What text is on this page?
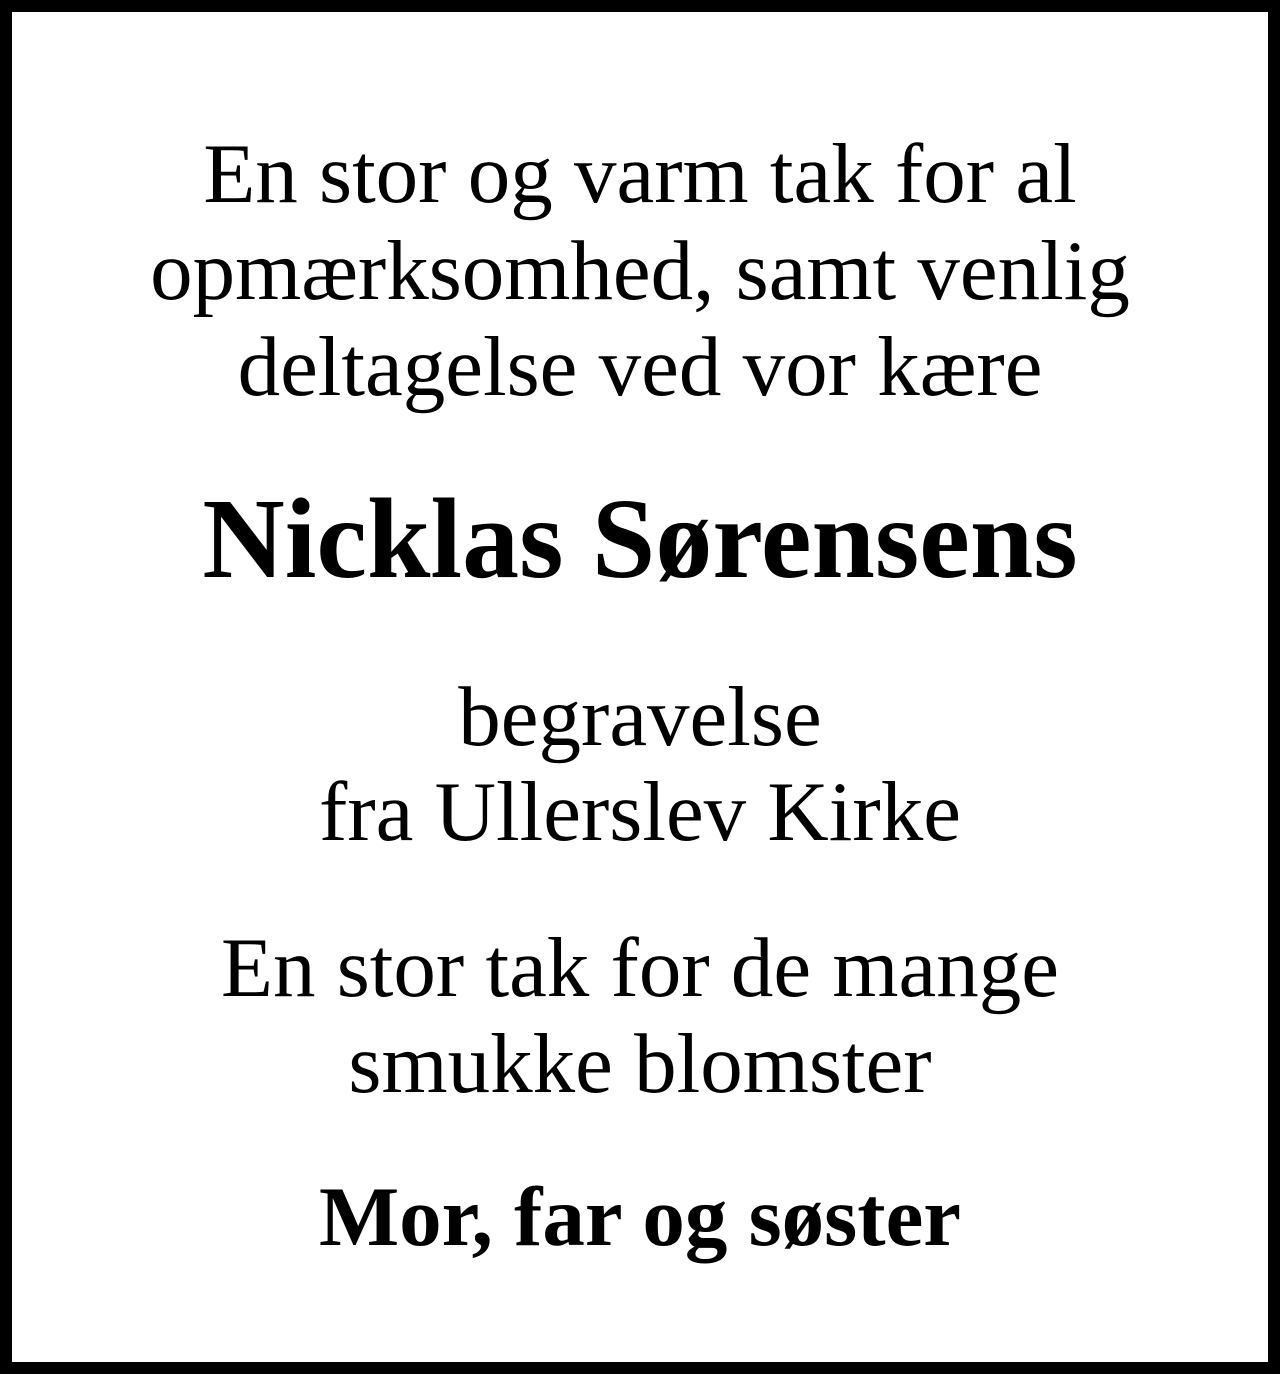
En stor og varm tak for al

opmærksomhed, samt venlig

deltagelse ved vor kære

Nicklas Sørensens

begravelse

fra Ullerslev Kirke

En stor tak for de mange

smukke blomster

Mor, far og søster
